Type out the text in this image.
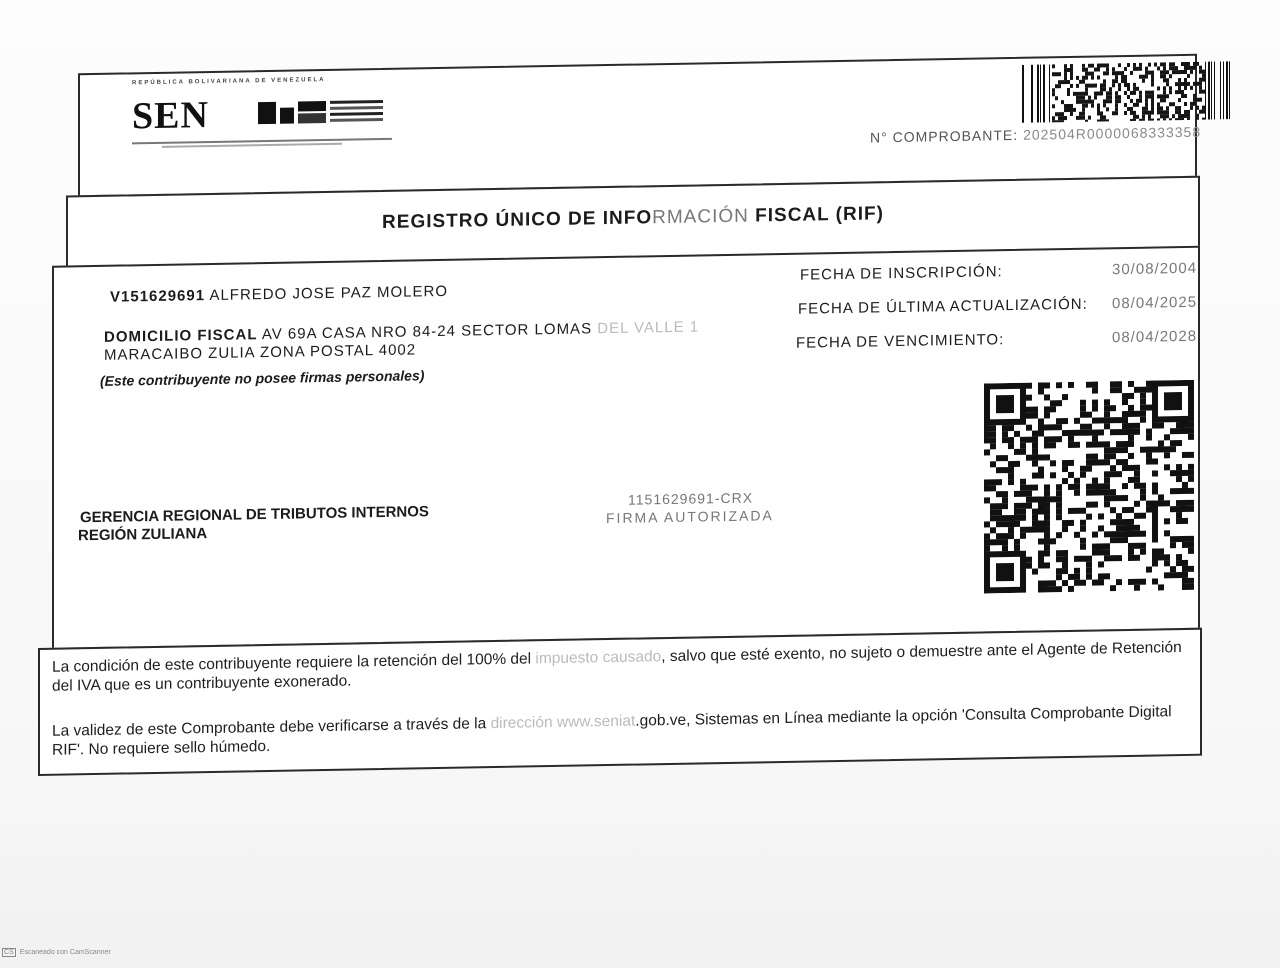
REPÚBLICA BOLIVARIANA DE VENEZUELA
SEN	N° COMPROBANTE: 202504R0000068333358
REGISTRO ÚNICO DE INFORMACIÓN FISCAL (RIF)
V151629691 ALFREDO JOSE PAZ MOLERO
DOMICILIO FISCAL AV 69A CASA NRO 84-24 SECTOR LOMAS DEL VALLE 1
MARACAIBO ZULIA ZONA POSTAL 4002
(Este contribuyente no posee firmas personales)
FECHA DE INSCRIPCIÓN:	30/08/2004
FECHA DE ÚLTIMA ACTUALIZACIÓN: 08/04/2025
FECHA DE VENCIMIENTO:	08/04/2028
GERENCIA REGIONAL DE TRIBUTOS INTERNOS
REGIÓN ZULIANA
1151629691-CRX
FIRMA AUTORIZADA
La condición de este contribuyente requiere la retención del 100% del impuesto causado, salvo que esté exento, no sujeto o demuestre ante el Agente de Retención del IVA que es un contribuyente exonerado.
La validez de este Comprobante debe verificarse a través de la dirección www.seniat.gob.ve, Sistemas en Línea mediante la opción 'Consulta Comprobante Digital RIF'. No requiere sello húmedo.
CS Escaneado con CamScanner
